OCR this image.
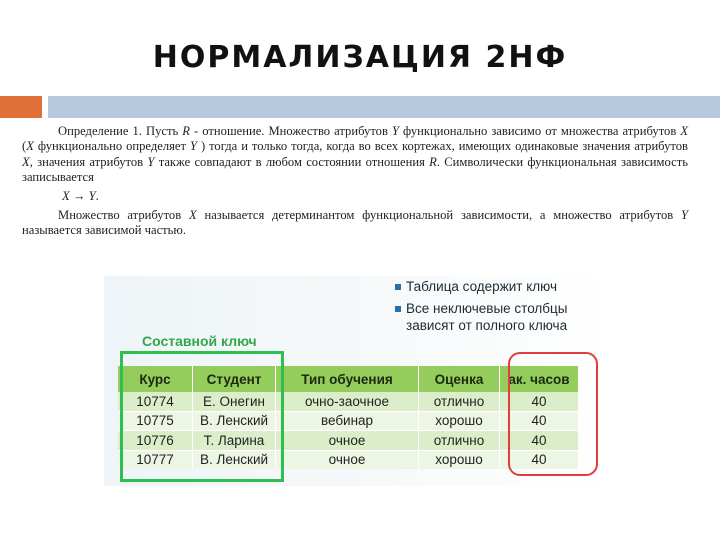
НОРМАЛИЗАЦИЯ 2НФ

Определение 1. Пусть R - отношение. Множество атрибутов Y функционально зависимо от множества атрибутов X (X функционально определяет Y ) тогда и только тогда, когда во всех кортежах, имеющих одинаковые значения атрибутов X, значения атрибутов Y также совпадают в любом состоянии отношения R. Символически функциональная зависимость записывается

X → Y.

Множество атрибутов X называется детерминантом функциональной зависимости, а множество атрибутов Y называется зависимой частью.

Таблица содержит ключ
Все неключевые столбцы зависят от полного ключа
Составной ключ
Курс	Студент	Тип обучения	Оценка	ак. часов
10774	Е. Онегин	очно-заочное	отлично	40
10775	В. Ленский	вебинар	хорошо	40
10776	Т. Ларина	очное	отлично	40
10777	В. Ленский	очное	хорошо	40
